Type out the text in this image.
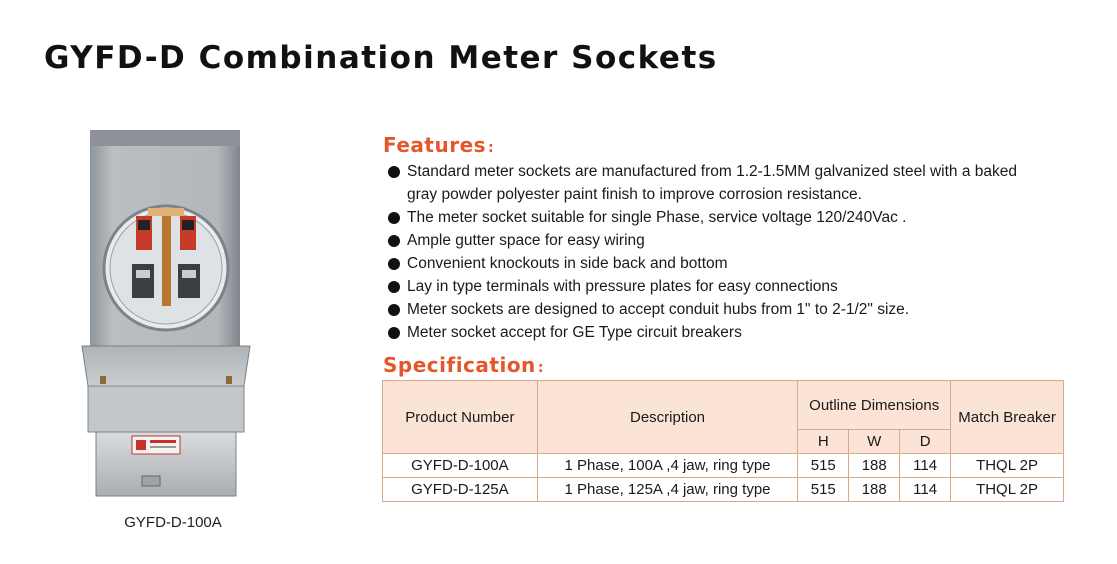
GYFD-D Combination Meter Sockets
GYFD-D-100A
Features :
Standard meter sockets are manufactured from 1.2-1.5MM galvanized steel with a baked
gray powder polyester paint finish to improve corrosion resistance.
The meter socket suitable for single Phase, service voltage 120/240Vac .
Ample gutter space for easy wiring
Convenient knockouts in side back and bottom
Lay in type terminals with pressure plates for easy connections
Meter sockets are designed to accept conduit hubs from 1" to 2-1/2" size.
Meter socket accept for GE Type circuit breakers
Specification :
Product Number	Description	Outline Dimensions			Match Breaker
		H	W	D	
GYFD-D-100A	1 Phase, 100A ,4 jaw, ring type	515	188	114	THQL 2P
GYFD-D-125A	1 Phase, 125A ,4 jaw, ring type	515	188	114	THQL 2P
